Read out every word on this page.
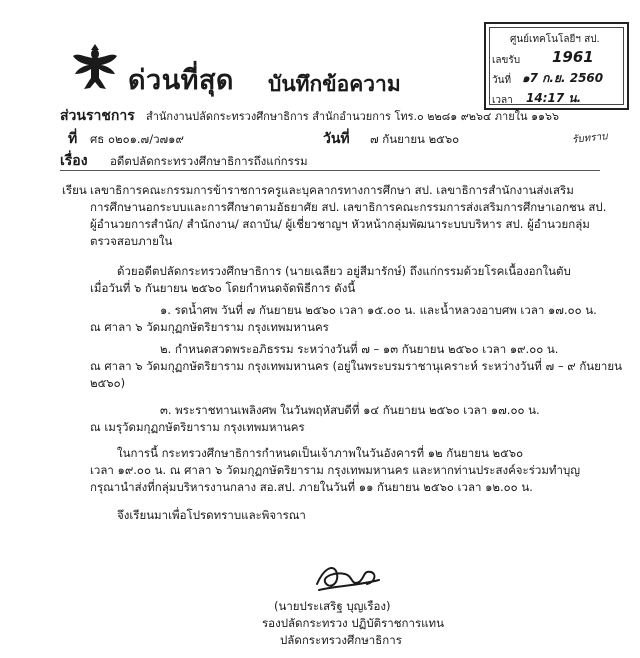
ด่วนที่สุด บันทึกข้อความ
ศูนย์เทคโนโลยีฯ สป.
เลขรับ 1961
วันที่ ๑7 ก.ย. 2560
เวลา 14:17 น.
ส่วนราชการ สำนักงานปลัดกระทรวงศึกษาธิการ สำนักอำนวยการ โทร.๐ ๒๒๘๑ ๙๒๖๔ ภายใน ๑๑๖๖
ที่ ศธ ๐๒๐๑.๗/ว๗๑๙	วันที่ ๗ กันยายน ๒๕๖๐	รับทราบ
เรื่อง อดีตปลัดกระทรวงศึกษาธิการถึงแก่กรรม
เรียน เลขาธิการคณะกรรมการข้าราชการครูและบุคลากรทางการศึกษา สป. เลขาธิการสำนักงานส่งเสริม
การศึกษานอกระบบและการศึกษาตามอัธยาศัย สป. เลขาธิการคณะกรรมการส่งเสริมการศึกษาเอกชน สป.
ผู้อำนวยการสำนัก/ สำนักงาน/ สถาบัน/ ผู้เชี่ยวชาญฯ หัวหน้ากลุ่มพัฒนาระบบบริหาร สป. ผู้อำนวยกลุ่ม
ตรวจสอบภายใน
ด้วยอดีตปลัดกระทรวงศึกษาธิการ (นายเฉลียว อยู่สีมารักษ์) ถึงแก่กรรมด้วยโรคเนื้องอกในตับ
เมื่อวันที่ ๖ กันยายน ๒๕๖๐ โดยกำหนดจัดพิธีการ ดังนี้
๑. รดน้ำศพ วันที่ ๗ กันยายน ๒๕๖๐ เวลา ๑๕.๐๐ น. และน้ำหลวงอาบศพ เวลา ๑๗.๐๐ น.
ณ ศาลา ๖ วัดมกุฏกษัตริยาราม กรุงเทพมหานคร
๒. กำหนดสวดพระอภิธรรม ระหว่างวันที่ ๗ – ๑๓ กันยายน ๒๕๖๐ เวลา ๑๙.๐๐ น.
ณ ศาลา ๖ วัดมกุฏกษัตริยาราม กรุงเทพมหานคร (อยู่ในพระบรมราชานุเคราะห์ ระหว่างวันที่ ๗ – ๙ กันยายน
๒๕๖๐)
๓. พระราชทานเพลิงศพ ในวันพฤหัสบดีที่ ๑๔ กันยายน ๒๕๖๐ เวลา ๑๗.๐๐ น.
ณ เมรุวัดมกุฏกษัตริยาราม กรุงเทพมหานคร
ในการนี้ กระทรวงศึกษาธิการกำหนดเป็นเจ้าภาพในวันอังคารที่ ๑๒ กันยายน ๒๕๖๐
เวลา ๑๙.๐๐ น. ณ ศาลา ๖ วัดมกุฏกษัตริยาราม กรุงเทพมหานคร และหากท่านประสงค์จะร่วมทำบุญ
กรุณานำส่งที่กลุ่มบริหารงานกลาง สอ.สป. ภายในวันที่ ๑๑ กันยายน ๒๕๖๐ เวลา ๑๒.๐๐ น.
จึงเรียนมาเพื่อโปรดทราบและพิจารณา
(นายประเสริฐ บุญเรือง)
รองปลัดกระทรวง ปฏิบัติราชการแทน
ปลัดกระทรวงศึกษาธิการ
